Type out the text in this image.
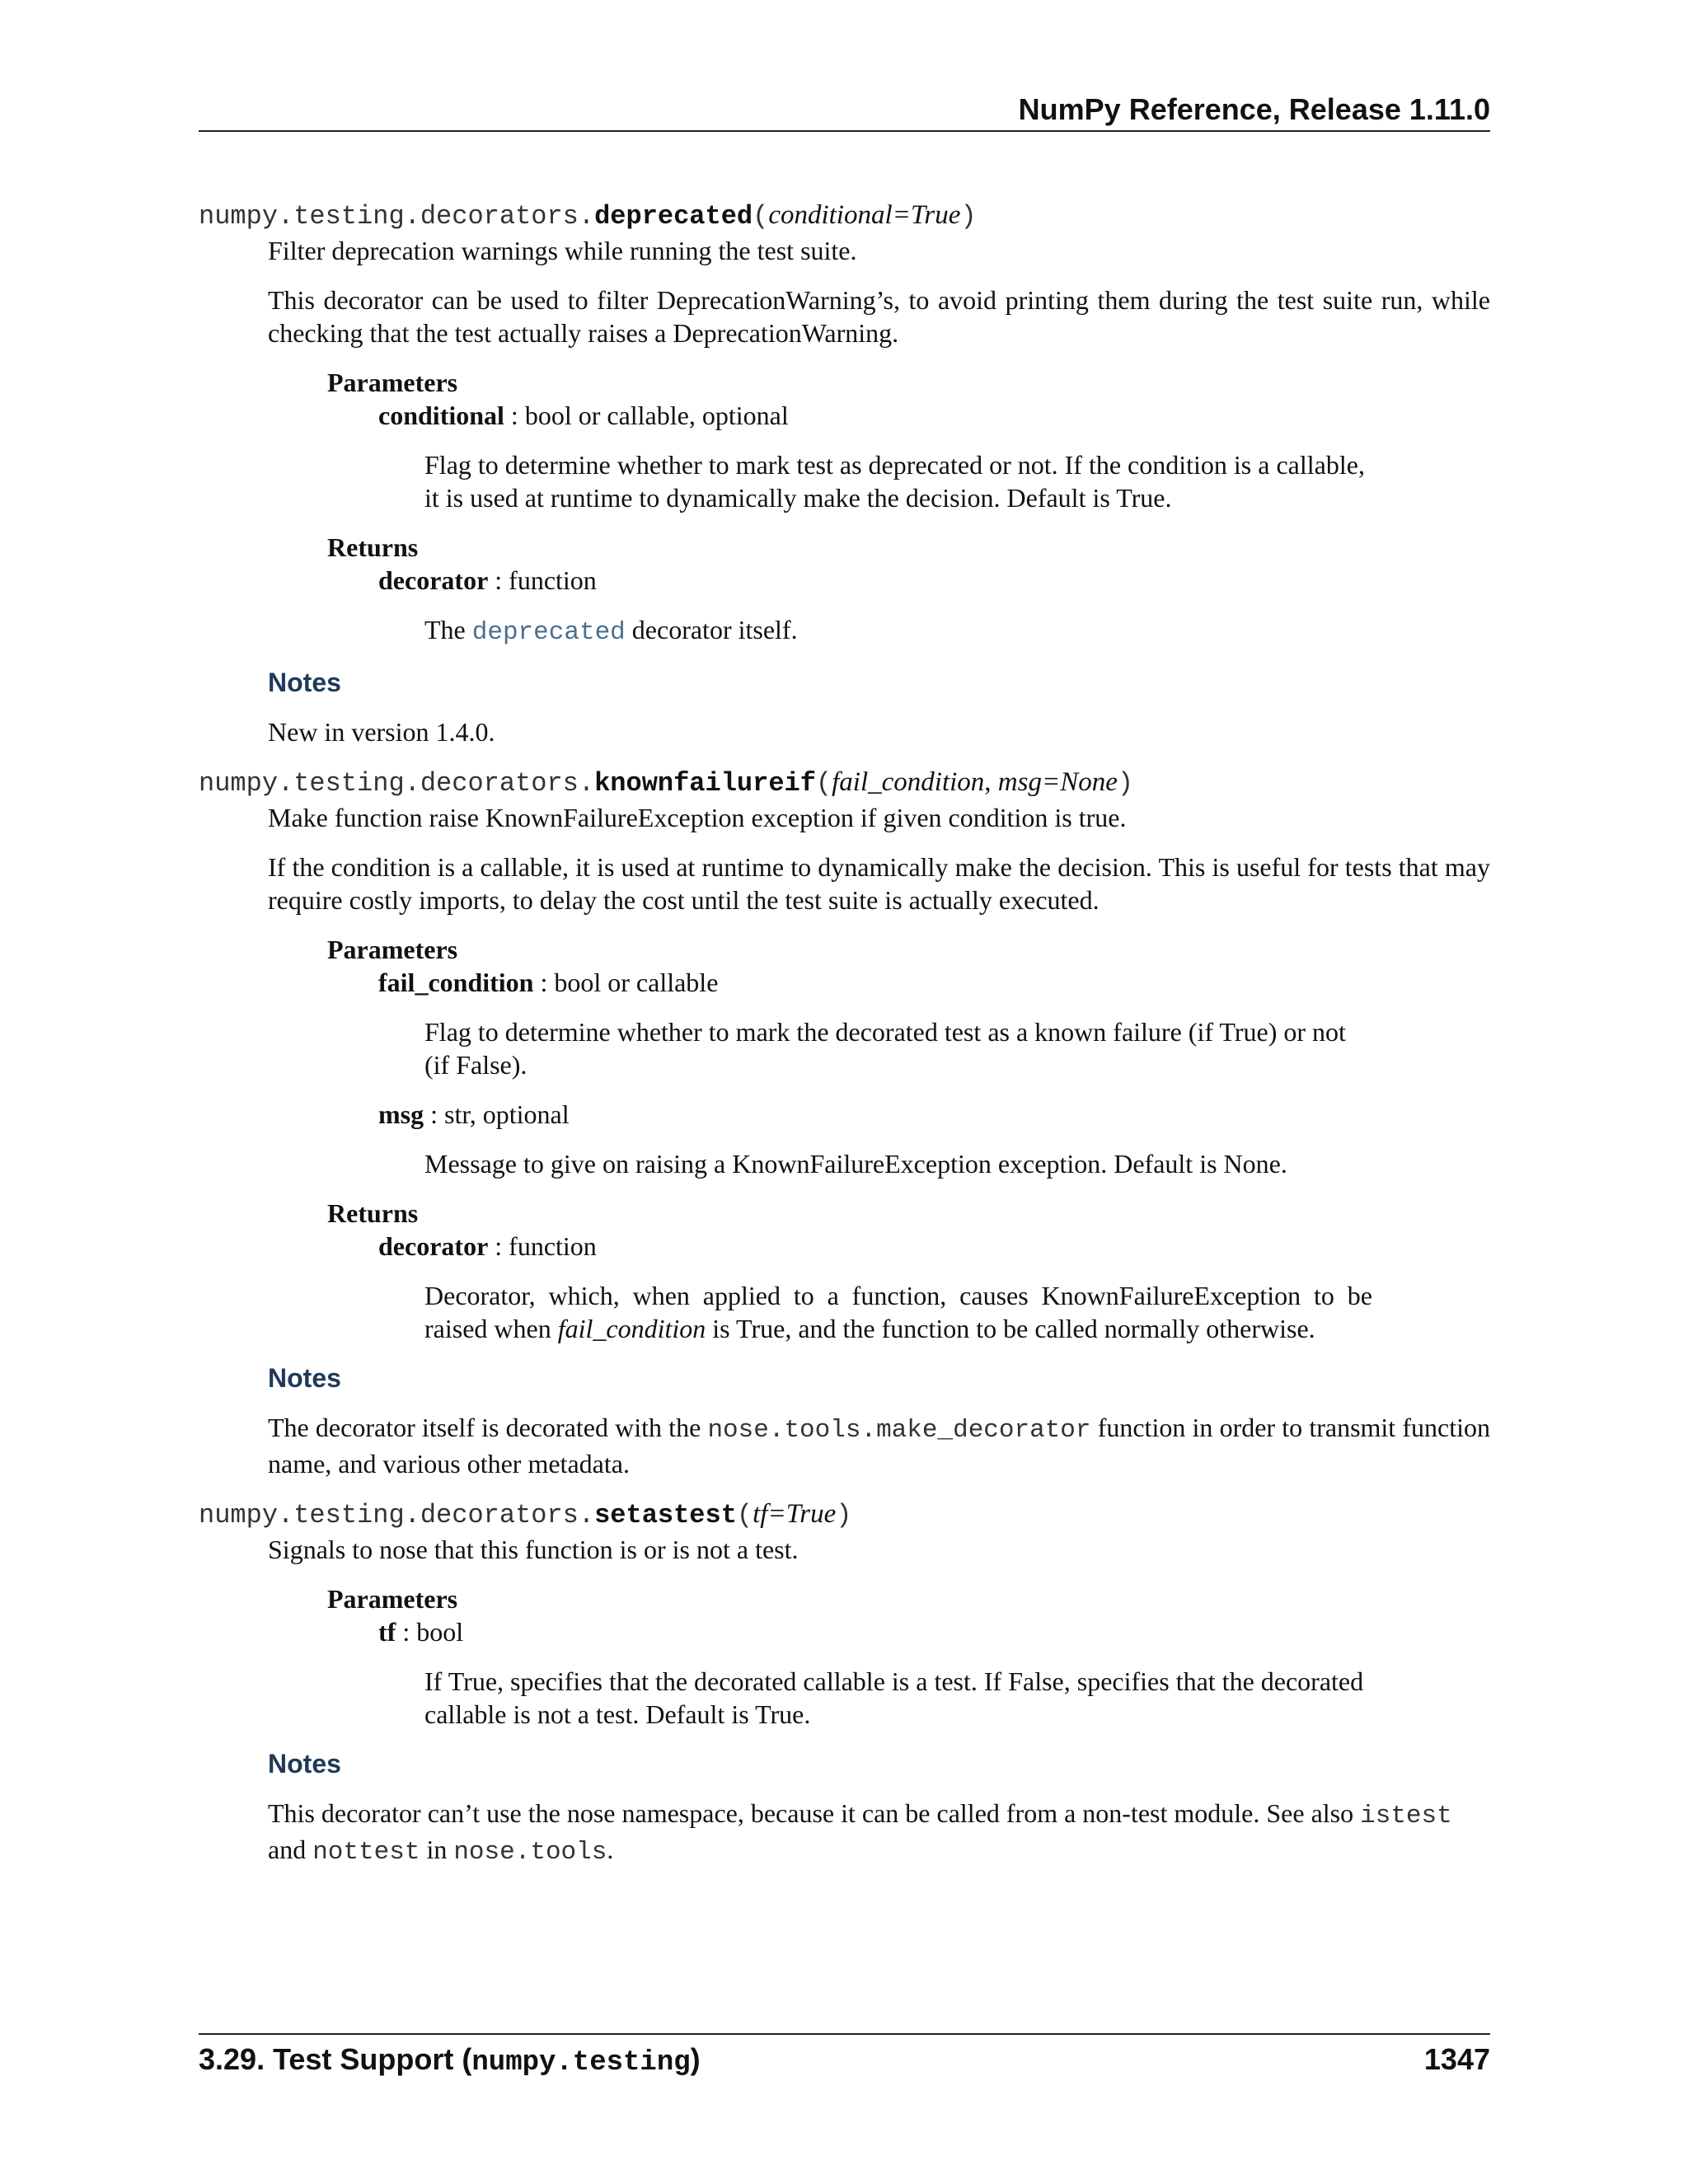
NumPy Reference, Release 1.11.0

numpy.testing.decorators.deprecated(conditional=True)

Filter deprecation warnings while running the test suite.

This decorator can be used to filter DeprecationWarning’s, to avoid printing them during the test suite run, while checking that the test actually raises a DeprecationWarning.

Parameters

conditional : bool or callable, optional

Flag to determine whether to mark test as deprecated or not. If the condition is a callable, it is used at runtime to dynamically make the decision. Default is True.

Returns

decorator : function

The deprecated decorator itself.

Notes

New in version 1.4.0.

numpy.testing.decorators.knownfailureif(fail_condition, msg=None)

Make function raise KnownFailureException exception if given condition is true.

If the condition is a callable, it is used at runtime to dynamically make the decision. This is useful for tests that may require costly imports, to delay the cost until the test suite is actually executed.

Parameters

fail_condition : bool or callable

Flag to determine whether to mark the decorated test as a known failure (if True) or not (if False).

msg : str, optional

Message to give on raising a KnownFailureException exception. Default is None.

Returns

decorator : function

Decorator, which, when applied to a function, causes KnownFailureException to be raised when fail_condition is True, and the function to be called normally otherwise.

Notes

The decorator itself is decorated with the nose.tools.make_decorator function in order to transmit function name, and various other metadata.

numpy.testing.decorators.setastest(tf=True)

Signals to nose that this function is or is not a test.

Parameters

tf : bool

If True, specifies that the decorated callable is a test. If False, specifies that the decorated callable is not a test. Default is True.

Notes

This decorator can’t use the nose namespace, because it can be called from a non-test module. See also istest and nottest in nose.tools.

3.29. Test Support (numpy.testing)	1347
